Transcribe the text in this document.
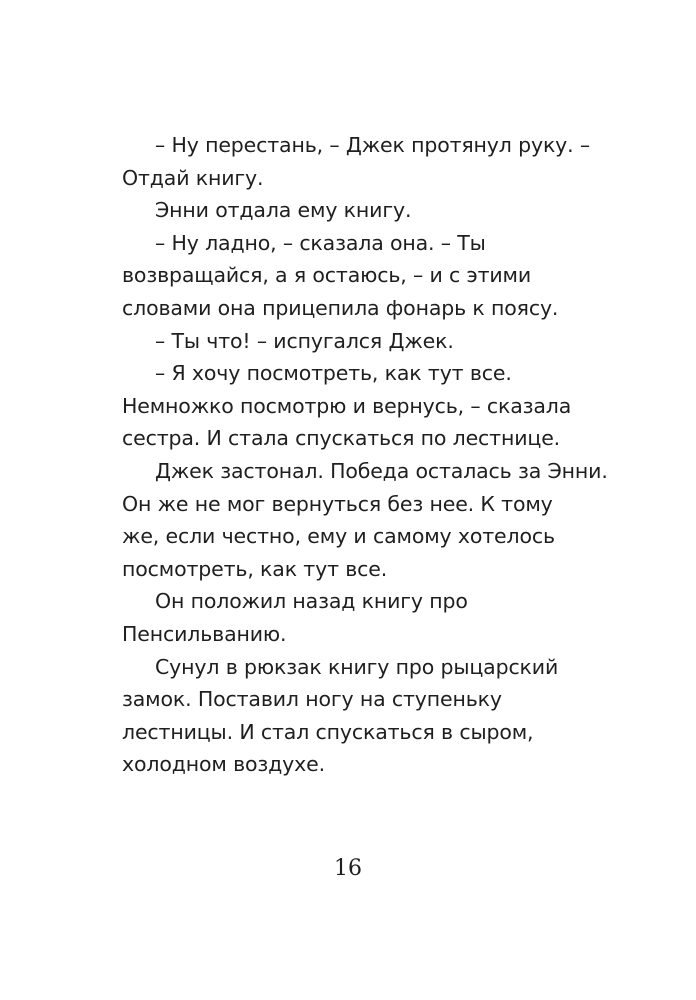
– Ну перестань, – Джек протянул руку. –
Отдай книгу.
Энни отдала ему книгу.
– Ну ладно, – сказала она. – Ты
возвращайся, а я остаюсь, – и с этими
словами она прицепила фонарь к поясу.
– Ты что! – испугался Джек.
– Я хочу посмотреть, как тут все.
Немножко посмотрю и вернусь, – сказала
сестра. И стала спускаться по лестнице.
Джек застонал. Победа осталась за Энни.
Он же не мог вернуться без нее. К тому
же, если честно, ему и самому хотелось
посмотреть, как тут все.
Он положил назад книгу про
Пенсильванию.
Сунул в рюкзак книгу про рыцарский
замок. Поставил ногу на ступеньку
лестницы. И стал спускаться в сыром,
холодном воздухе.
16
